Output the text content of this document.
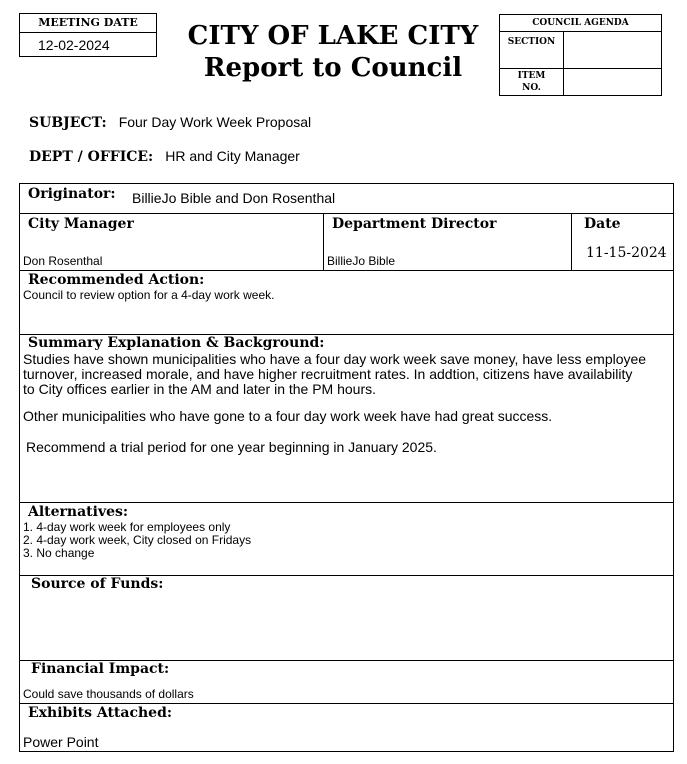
MEETING DATE
12-02-2024	CITY OF LAKE CITY
Report to Council
COUNCIL AGENDA
SECTION
ITEM
NO.
SUBJECT: Four Day Work Week Proposal
DEPT / OFFICE: HR and City Manager
Originator: BillieJo Bible and Don Rosenthal
City Manager
Don Rosenthal
Department Director
BillieJo Bible
Date
11-15-2024
Recommended Action:
Council to review option for a 4-day work week.
Summary Explanation & Background:
Studies have shown municipalities who have a four day work week save money, have less employee
turnover, increased morale, and have higher recruitment rates. In addtion, citizens have availability
to City offices earlier in the AM and later in the PM hours.
Other municipalities who have gone to a four day work week have had great success.
Recommend a trial period for one year beginning in January 2025.
Alternatives:
1. 4-day work week for employees only
2. 4-day work week, City closed on Fridays
3. No change
Source of Funds:
Financial Impact:
Could save thousands of dollars
Exhibits Attached:
Power Point
